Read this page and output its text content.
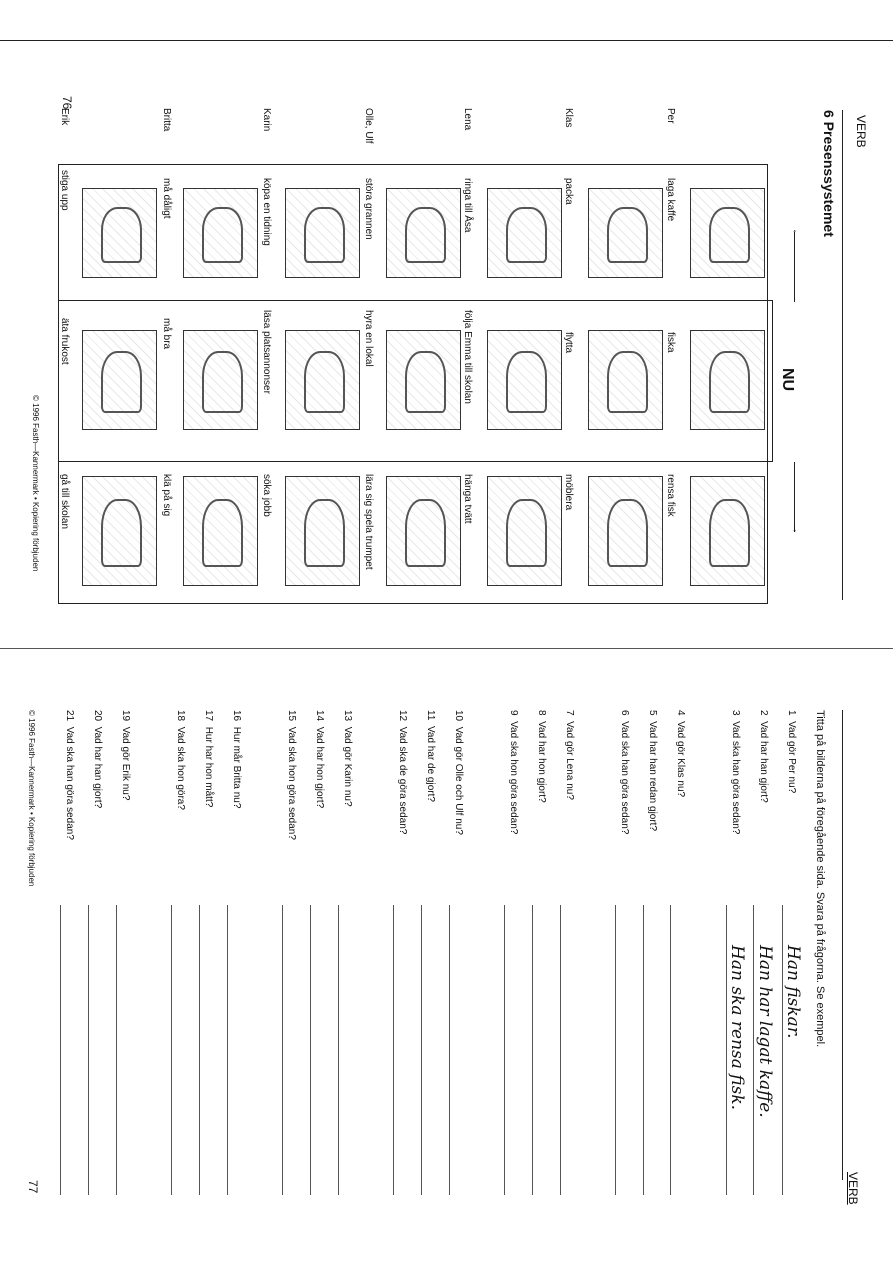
VERB
6 Presenssystemet
←
→
NU
Per
Klas
Lena
Olle, Ulf
Karin
Britta
Erik
laga kaffe
packa
ringa till Åsa
störa grannen
köpa en tidning
må dåligt
stiga upp
fiska
flytta
följa Emma till skolan
hyra en lokal
läsa platsannonser
må bra
äta frukost
rensa fisk
möblera
hänga tvätt
lära sig spela trumpet
söka jobb
klä på sig
gå till skolan
76
© 1996 Fasth—Kannermark • Kopiering förbjuden
VERB
Titta på bilderna på föregående sida. Svara på frågorna. Se exempel.
1  Vad gör Per nu?
2  Vad har han gjort?
3  Vad ska han göra sedan?
4  Vad gör Klas nu?
5  Vad har han redan gjort?
6  Vad ska han göra sedan?
7  Vad gör Lena nu?
8  Vad har hon gjort?
9  Vad ska hon göra sedan?
10  Vad gör Olle och Ulf nu?
11  Vad har de gjort?
12  Vad ska de göra sedan?
13  Vad gör Karin nu?
14  Vad har hon gjort?
15  Vad ska hon göra sedan?
16  Hur mår Britta nu?
17  Hur har hon mått?
18  Vad ska hon göra?
19  Vad gör Erik nu?
20  Vad har han gjort?
21  Vad ska han göra sedan?
Han fiskar.
Han har lagat kaffe.
Han ska rensa fisk.
© 1996 Fasth—Kannermark • Kopiering förbjuden
77
